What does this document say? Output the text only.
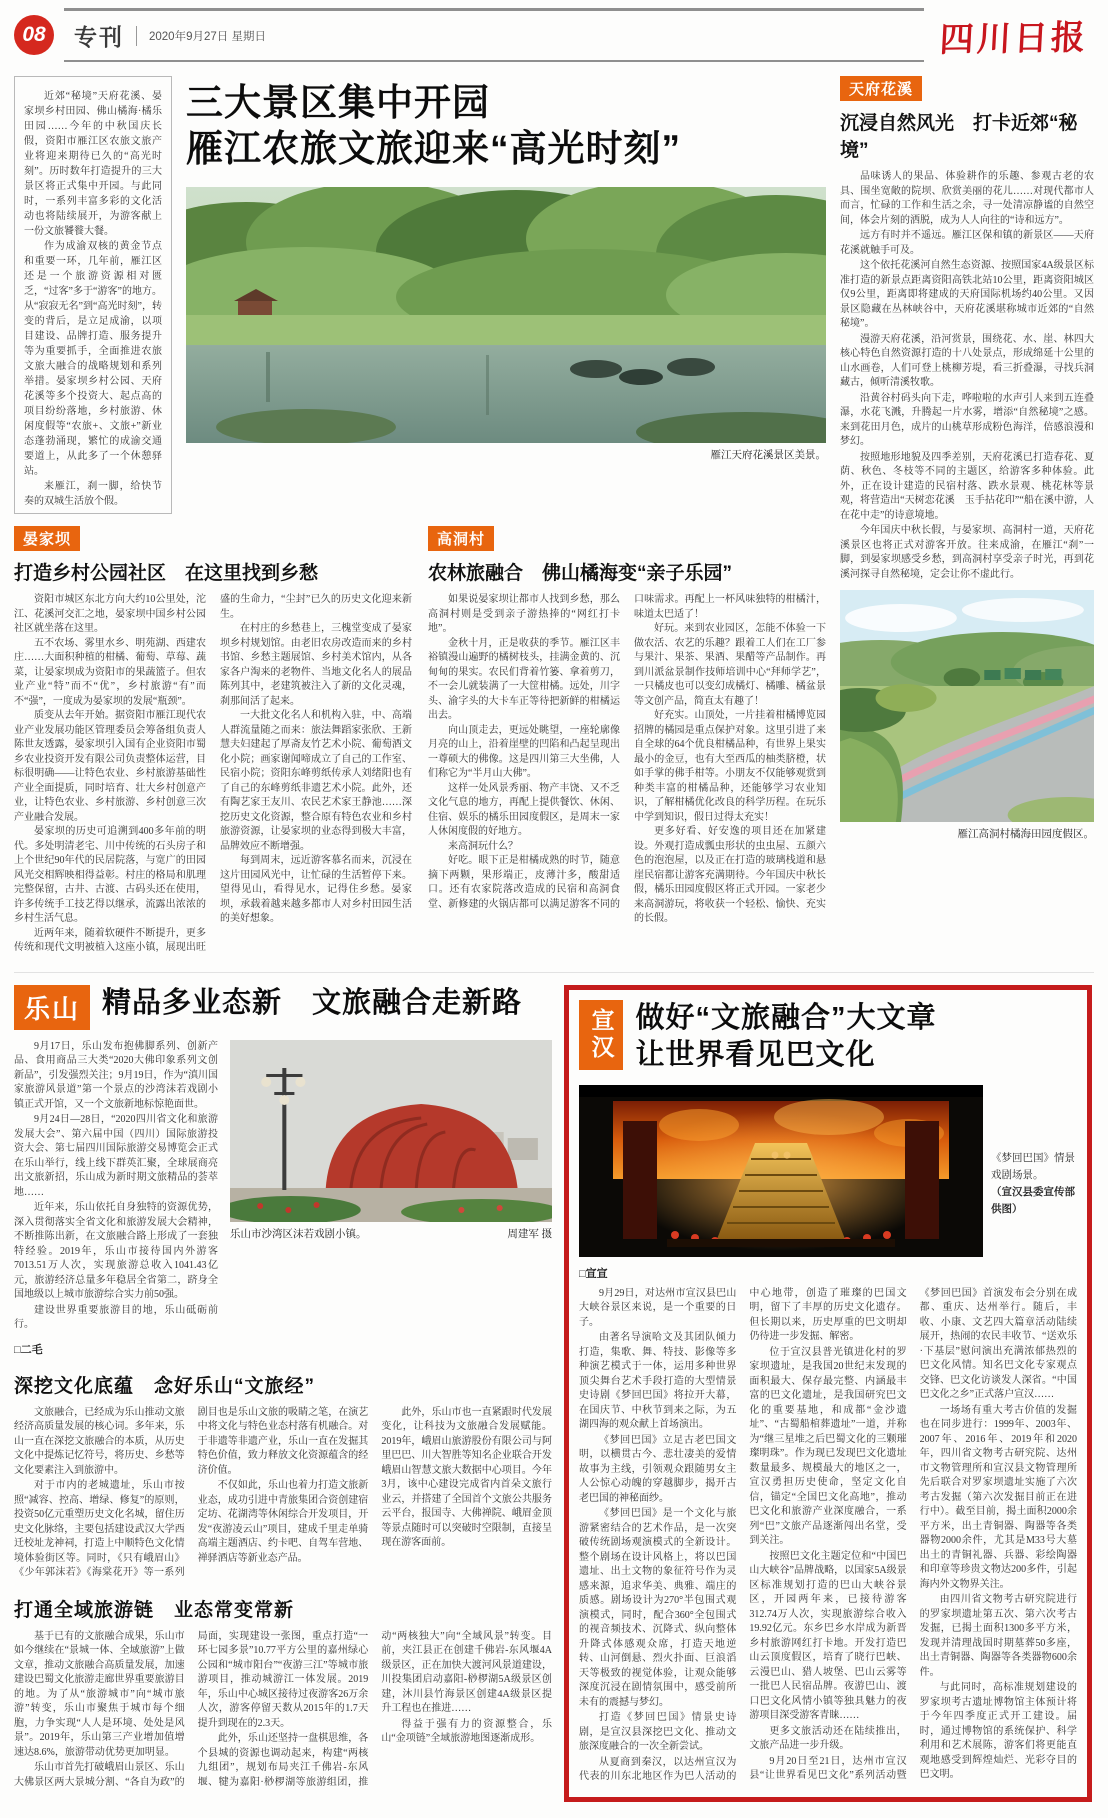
08	专刊 2020年9月27日 星期日	四川日报

近郊“秘境”天府花溪、晏家坝乡村田园、佛山橘海·橘乐田园……今年的中秋国庆长假，资阳市雁江区农旅文旅产业将迎来期待已久的“高光时刻”。历时数年打造提升的三大景区将正式集中开园。与此同时，一系列丰富多彩的文化活动也将陆续展开，为游客献上一份文旅饕餮大餐。

作为成渝双核的黄金节点和重要一环，几年前，雁江区还是一个旅游资源相对匮乏，“过客”多于“游客”的地方。从“寂寂无名”到“高光时刻”，转变的背后，是立足成渝，以项目建设、品牌打造、服务提升等为重要抓手，全面推进农旅文旅大融合的战略规划和系列举措。晏家坝乡村公园、天府花溪等多个投资大、起点高的项目纷纷落地，乡村旅游、休闲度假等“农旅+、文旅+”新业态蓬勃涌现，繁忙的成渝交通要道上，从此多了一个休憩驿站。

来雁江，刹一脚，给快节奏的双城生活放个假。

三大景区集中开园
雁江农旅文旅迎来“高光时刻”
雁江天府花溪景区美景。
晏家坝
打造乡村公园社区　在这里找到乡愁

资阳市城区东北方向大约10公里处，沱江、花溪河交汇之地，晏家坝中国乡村公园社区就坐落在这里。

五不农场、雾里水乡、明苑湖、西建农庄……大面积种植的柑橘、葡萄、草莓、蔬菜，让晏家坝成为资阳市的果蔬篮子。但农业产业“特”而不“优”，乡村旅游“有”而不“强”，一度成为晏家坝的发展“瓶颈”。

质变从去年开始。据资阳市雁江现代农业产业发展功能区管理委员会筹备组负责人陈世友透露，晏家坝引入国有企业资阳市蜀乡农业投资开发有限公司负责整体运营，目标很明确——让特色农业、乡村旅游基础性产业全面提质，同时培育、壮大乡村创意产业，让特色农业、乡村旅游、乡村创意三次产业融合发展。

晏家坝的历史可追溯到400多年前的明代。多处明清老宅、川中传统的石头房子和上个世纪90年代的民居院落，与宽广的田园风光交相辉映相得益彰。村庄的格局和肌理完整保留，古井、古渡、古码头还在使用，许多传统手工技艺得以继承，流露出浓浓的乡村生活气息。

近两年来，随着软硬件不断提升，更多传统和现代文明被植入这座小镇，展现出旺盛的生命力，“尘封”已久的历史文化迎来新生。

在村庄的乡愁巷上，三槐堂变成了晏家坝乡村规划馆。由老旧农房改造而来的乡村书馆、乡愁主题展馆、乡村美术馆内，从各家各户淘来的老物件、当地文化名人的展品陈列其中，老建筑被注入了新的文化灵魂，刹那间活了起来。

一大批文化名人和机构入驻，中、高端人群流量随之而来：旅法舞蹈家张欣、王新慧夫妇建起了厚斋友竹艺术小院、葡萄酒文化小院；画家谢闻啼成立了自己的工作室、民宿小院；资阳东峰剪纸传承人刘绪阳也有了自己的东峰剪纸非遗艺术小院。此外，还有陶艺家王友川、农民艺术家王静池……深挖历史文化资源，整合原有特色农业和乡村旅游资源，让晏家坝的业态得到极大丰富，品牌效应不断增强。

每到周末，远近游客慕名而来，沉浸在这片田园风光中，让忙碌的生活暂停下来。望得见山，看得见水，记得住乡愁。晏家坝，承载着越来越多都市人对乡村田园生活的美好想象。

高洞村
农林旅融合　佛山橘海变“亲子乐园”

如果说晏家坝让都市人找到乡愁，那么高洞村则是受到亲子游热捧的“网红打卡地”。

金秋十月，正是收获的季节。雁江区丰裕镇漫山遍野的橘树枝头，挂满金黄的、沉甸甸的果实。农民们背着竹篓、拿着剪刀，不一会儿就装满了一大筐柑橘。远处，川字头、渝字头的大卡车正等待把新鲜的柑橘运出去。

向山顶走去，更远处眺望，一座轮廓像月亮的山上，沿着崖壁的凹陷和凸起呈现出一尊硕大的佛像。这是四川第三大坐佛，人们称它为“半月山大佛”。

这样一处风景秀丽、物产丰饶、又不乏文化气息的地方，再配上提供餐饮、休闲、住宿、娱乐的橘乐田园度假区，是周末一家人休闲度假的好地方。

来高洞玩什么？

好吃。眼下正是柑橘成熟的时节，随意摘下两颗，果形端正，皮薄汁多，酸甜适口。还有农家院落改造成的民宿和高洞食堂、新修建的火锅店都可以满足游客不同的口味需求。再配上一杯风味独特的柑橘汁，味道太巴适了！

好玩。来到农业园区，怎能不体验一下做农活、农艺的乐趣？跟着工人们在工厂参与果汁、果茶、果酒、果醋等产品制作。再到川派盆景制作技师培训中心“拜师学艺”，一只橘皮也可以变幻成橘灯、橘雕、橘盆景等文创产品，简直太有趣了！

好充实。山顶处，一片挂着柑橘博览园招牌的橘园是重点保护对象。这里引进了来自全球的64个优良柑橘品种，有世界上果实最小的金豆，也有大至西瓜的柚类脐橙，状如手掌的佛手柑等。小朋友不仅能够观赏到种类丰富的柑橘品种，还能够学习农业知识，了解柑橘优化改良的科学历程。在玩乐中学到知识，假日过得太充实！

更多好看、好安逸的项目还在加紧建设。外观打造成瓢虫形状的虫虫屋、五颜六色的泡泡屋，以及正在打造的玻璃栈道和悬崖民宿都让游客充满期待。今年国庆中秋长假，橘乐田园度假区将正式开园。一家老少来高洞游玩，将收获一个轻松、愉快、充实的长假。

天府花溪
沉浸自然风光　打卡近郊“秘境”

品味诱人的果品、体验耕作的乐趣、参观古老的农具、围坐宽敞的院坝、欣赏美丽的花儿……对现代都市人而言，忙碌的工作和生活之余，寻一处清凉静谧的自然空间，体会片刻的洒脱，成为人人向往的“诗和远方”。

远方有时并不遥远。雁江区保和镇的新景区——天府花溪就触手可及。

这个依托花溪河自然生态资源、按照国家4A级景区标准打造的新景点距离资阳高铁北站10公里，距离资阳城区仅9公里，距离即将建成的天府国际机场约40公里。又因景区隐藏在丛林峡谷中，天府花溪堪称城市近郊的“自然秘境”。

漫游天府花溪，沿河赏景，围绕花、水、崖、林四大核心特色自然资源打造的十八处景点，形成绵延十公里的山水画卷，人们可登上桃柳芳堤，看三折叠瀑，寻找兵洞藏古，倾听清溪牧歌。

沿黄谷村码头向下走，哗啦啦的水声引人来到五连叠瀑，水花飞溅，升腾起一片水雾，增添“自然秘境”之感。来到花田月色，成片的山桃草形成粉色海洋，倍感浪漫和梦幻。

按照地形地貌及四季差别，天府花溪已打造春花、夏荫、秋色、冬枝等不同的主题区，给游客多种体验。此外，正在设计建造的民宿村落、跌水景观、桃花林等景观，将营造出“天树恋花溪　玉手拈花印”“船在溪中游，人在花中走”的诗意境地。

今年国庆中秋长假，与晏家坝、高洞村一道，天府花溪景区也将正式对游客开放。往来成渝，在雁江“刹”一脚，到晏家坝感受乡愁，到高洞村享受亲子时光，再到花溪河探寻自然秘境，定会让你不虚此行。

雁江高洞村橘海田园度假区。
乐山 精品多业态新　文旅融合走新路

9月17日，乐山发布抱佛脚系列、创新产品、食用商品三大类“2020大佛印象系列文创新品”，引发强烈关注；9月19日，作为“滇川国家旅游风景道”第一个景点的沙湾沫若戏剧小镇正式开馆，又一个文旅新地标惊艳面世。

9月24日—28日，“2020四川省文化和旅游发展大会”、第六届中国（四川）国际旅游投资大会、第七届四川国际旅游交易博览会正式在乐山举行，线上线下群英汇聚，全球展商亮出文旅新招，乐山成为新时期文旅精品的荟萃地……

近年来，乐山依托自身独特的资源优势，深入贯彻落实全省文化和旅游发展大会精神，不断推陈出新，在文旅融合路上形成了一套独特经验。2019年，乐山市接待国内外游客7013.51万人次，实现旅游总收入1041.43亿元，旅游经济总量多年稳居全省第二，跻身全国地级以上城市旅游综合实力前50强。

建设世界重要旅游目的地，乐山砥砺前行。

□二毛

乐山市沙湾区沫若戏剧小镇。	周建军 摄
深挖文化底蕴　念好乐山“文旅经”

文旅融合，已经成为乐山推动文旅经济高质量发展的核心词。多年来，乐山一直在深挖文旅融合的本质，从历史文化中提炼记忆符号，将历史、乡愁等文化要素注入到旅游中。

对于市内的老城遗址，乐山市按照“减容、控高、增绿、修复”的原则，投资50亿元重塑历史文化名城，留住历史文化脉络，主要包括建设武汉大学西迁校址龙神祠，打造上中顺特色文化情境体验街区等。同时，《只有峨眉山》《少年郭沫若》《海棠花开》等一系列剧目也是乐山文旅的吸睛之笔，在演艺中将文化与特色业态村落有机融合。对于非遗等非遗产业，乐山一直在发掘其特色价值，致力释放文化资源蕴含的经济价值。

不仅如此，乐山也着力打造文旅新业态，成功引进中青旅集团合资创建宿定坊、花湖湾等休闲综合开发项目，开发“夜游凌云山”项目，建成千里走单骑高端主题酒店、约卡吧、自驾车营地、禅驿酒店等新业态产品。

此外，乐山市也一直紧跟时代发展变化，让科技为文旅融合发展赋能。2019年，峨眉山旅游股份有限公司与阿里巴巴、川大智胜等知名企业联合开发峨眉山智慧文旅大数据中心项目。今年3月，该中心建设完成省内首朵文旅行业云，并搭建了全国首个文旅公共服务云平台，报国寺、大佛禅院、峨眉金顶等景点随时可以突破时空限制，直接呈现在游客面前。

打通全域旅游链　业态常变常新

基于已有的文旅融合成果，乐山市如今继续在“景城一体、全域旅游”上做文章，推动文旅融合高质量发展，加速建设巴蜀文化旅游走廊世界重要旅游目的地。为了从“旅游城市”向“城市旅游”转变，乐山市聚焦于城市每个细胞，力争实现“人人是环境、处处是风景”。2019年，乐山第三产业增加值增速达8.6%，旅游带动优势更加明显。

乐山市首先打破峨眉山景区、乐山大佛景区两大景城分割、“各自为政”的局面，实现建设一张图，重点打造“一环七园多景”10.77平方公里的嘉州绿心公园和“城市阳台”“夜游三江”等城市旅游项目，推动城游江一体发展。2019年，乐山中心城区接待过夜游客26万余人次，游客停留天数从2015年的1.7天提升到现在的2.3天。

此外，乐山还坚持一盘棋思维，各个县城的资源也调动起来，构建“两核九组团”，规划布局夹江千佛岩-东风堰、犍为嘉阳·桫椤湖等旅游组团，推动“两核独大”向“全域风景”转变。目前，夹江县正在创建千佛岩-东风堰4A级景区，正在加快大渡河风景道建设，川投集团启动嘉阳-桫椤湖5A级景区创建，沐川县竹海景区创建4A级景区提升工程也在推进……

得益于强有力的资源整合，乐山“金项链”全域旅游地图逐渐成形。

宣汉 做好“文旅融合”大文章
让世界看见巴文化

《梦回巴国》情景戏剧场景。

（宣汉县委宣传部供图）

□宣宣

9月29日，对达州市宣汉县巴山大峡谷景区来说，是一个重要的日子。

由著名导演哈文及其团队倾力打造，集歌、舞、特技、影像等多种演艺模式于一体，运用多种世界顶尖舞台艺术手段打造的大型情景史诗剧《梦回巴国》将拉开大幕，在国庆节、中秋节到来之际，为五湖四海的观众献上首场演出。

《梦回巴国》立足古老巴国文明，以横贯古今、悲壮凄美的爱情故事为主线，引领观众跟随男女主人公惊心动魄的穿越脚步，揭开古老巴国的神秘面纱。

《梦回巴国》是一个文化与旅游紧密结合的艺术作品，是一次突破传统剧场观演模式的全新设计。整个剧场在设计风格上，将以巴国遗址、出土文物的象征符号作为灵感来源，追求华美、典雅、端庄的质感。剧场设计为270°半包围式观演模式，同时，配合360°全包围式的视音频技术、沉降式、纵向整体升降式体感观众席，打造天地逆转、山河倒悬、烈火扑面、巨浪滔天等极致的视觉体验，让观众能够深度沉浸在剧情氛围中，感受前所未有的震撼与梦幻。

打造《梦回巴国》情景史诗剧，是宣汉县深挖巴文化、推动文旅深度融合的一次全新尝试。

从夏商到秦汉，以达州宣汉为代表的川东北地区作为巴人活动的中心地带，创造了璀璨的巴国文明，留下了丰厚的历史文化遗存。但长期以来，历史厚重的巴文明却仍待进一步发掘、解密。

位于宣汉县普光镇进化村的罗家坝遗址，是我国20世纪末发现的面积最大、保存最完整、内涵最丰富的巴文化遗址，是我国研究巴文化的重要基地，和成都“金沙遗址”、“古蜀船棺葬遗址”一道，并称为“继三星堆之后巴蜀文化的三颗璀璨明珠”。作为现已发现巴文化遗址数量最多、规模最大的地区之一，宣汉勇担历史使命，坚定文化自信，锚定“全国巴文化高地”，推动巴文化和旅游产业深度融合，一系列“巴”文旅产品逐渐闯出名堂，受到关注。

按照巴文化主题定位和“中国巴山大峡谷”品牌战略，以国家5A级景区标准规划打造的巴山大峡谷景区，开园两年来，已接待游客312.74万人次，实现旅游综合收入19.92亿元。东乡巴乡水岸成为新晋乡村旅游网红打卡地。开发打造巴山云顶度假区，培育了晓行巴峡、云漫巴山、猎人坡堡、巴山云雾等一批巴人民宿品牌。夜游巴山、渡口巴文化风情小镇等独具魅力的夜游项目深受游客青睐……

更多文旅活动还在陆续推出，文旅产品进一步升级。

9月20日至21日，达州市宣汉县“让世界看见巴文化”系列活动暨《梦回巴国》首演发布会分别在成都、重庆、达州举行。随后，丰收、小康、文艺四大篇章活动陆续展开，热闹的农民丰收节、“送欢乐·下基层”慰问演出充满浓郁热烈的巴文化风情。知名巴文化专家观点交锋、巴文化访谈发人深省。“中国巴文化之乡”正式落户宣汉……

一场场有重大考古价值的发掘也在同步进行：1999年、2003年、2007年、2016年、2019年和2020年，四川省文物考古研究院、达州市文物管理所和宣汉县文物管理所先后联合对罗家坝遗址实施了六次考古发掘（第六次发掘目前正在进行中）。截至目前，揭土面积2000余平方米，出土青铜器、陶器等各类器物2000余件，尤其是M33号大墓出土的青铜礼器、兵器、彩绘陶器和印章等珍贵文物达200多件，引起海内外文物界关注。

由四川省文物考古研究院进行的罗家坝遗址第五次、第六次考古发掘，已揭土面积1300多平方米，发现并清理战国时期墓葬50多座，出土青铜器、陶器等各类器物600余件。

与此同时，高标准规划建设的罗家坝考古遗址博物馆主体预计将于今年四季度正式开工建设。届时，通过博物馆的系统保护、科学利用和艺术展陈，游客们将更能直观地感受到辉煌灿烂、光彩夺目的巴文明。
